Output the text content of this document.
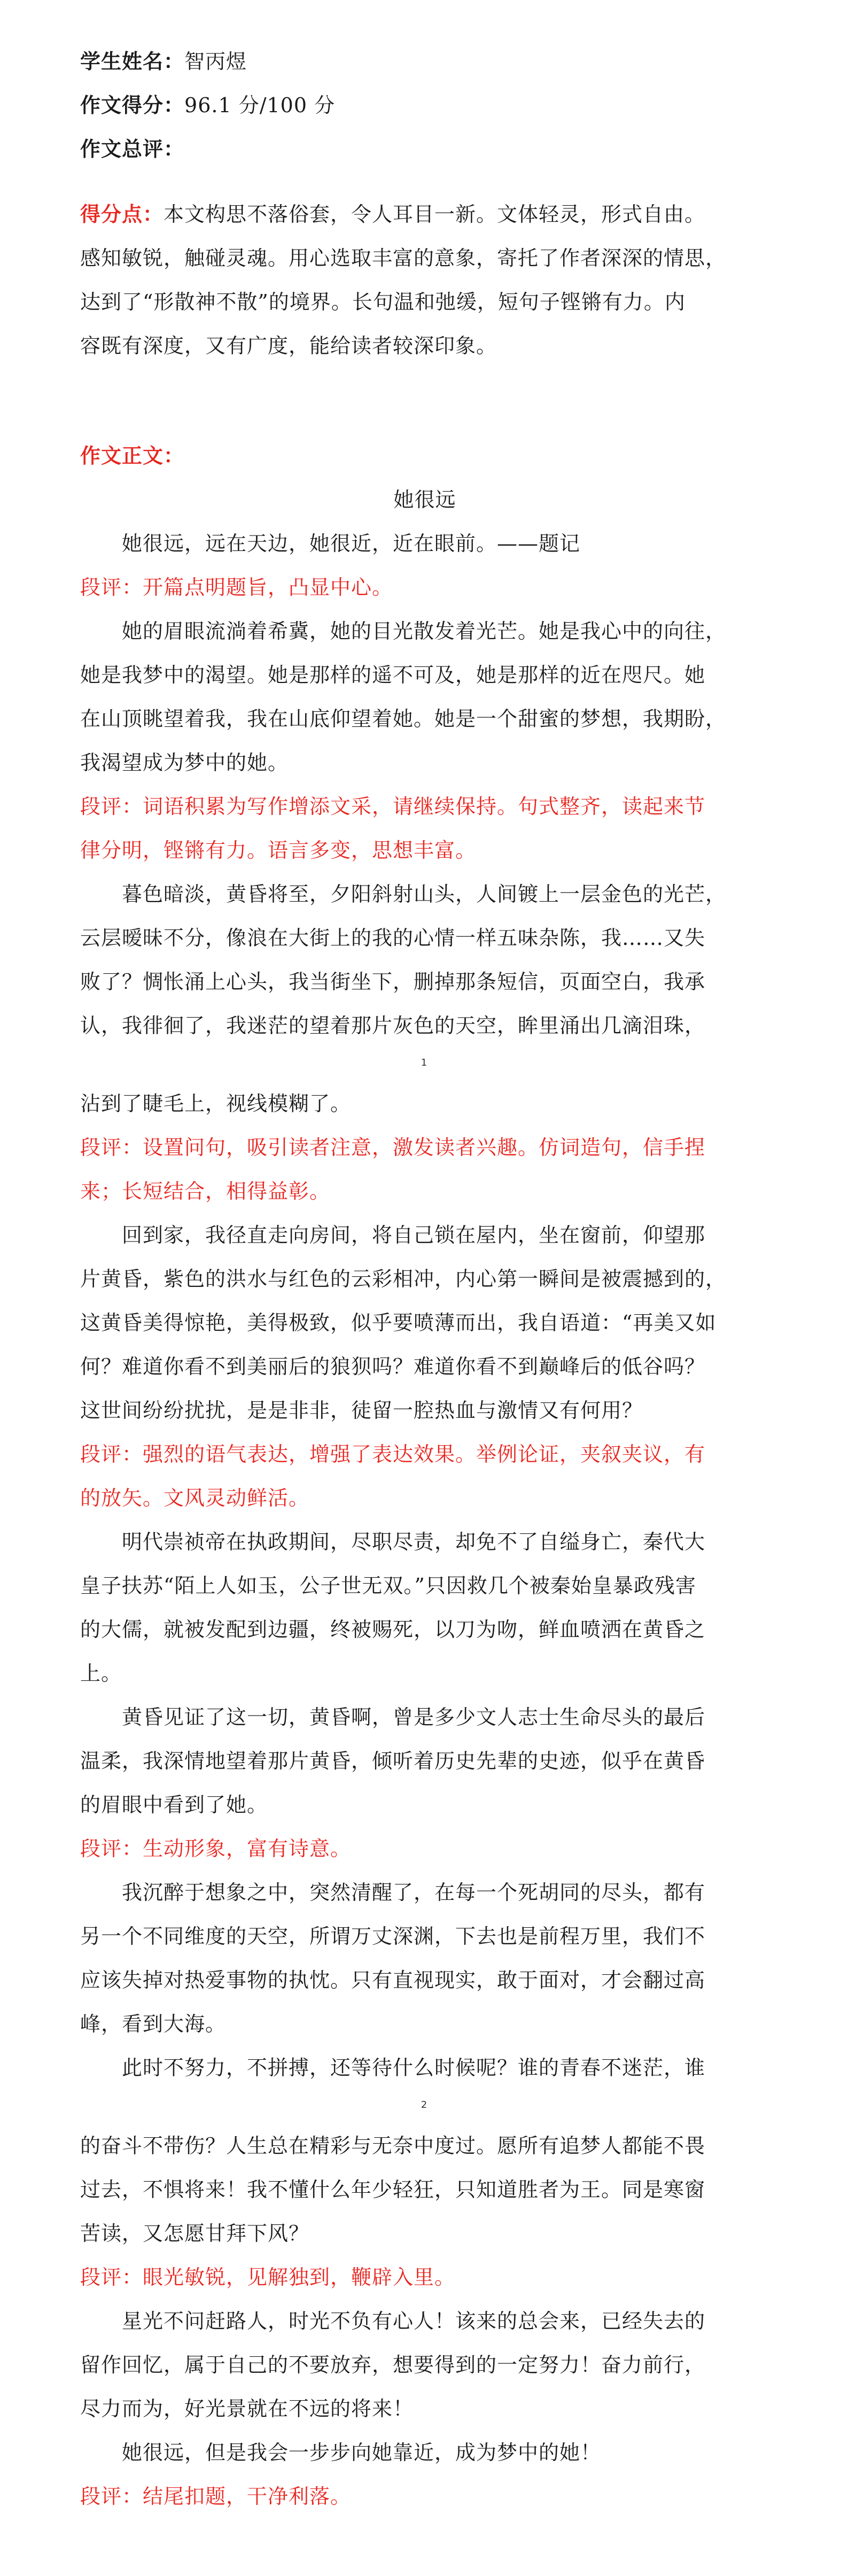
学生姓名：智丙煜
作文得分：96.1 分/100 分
作文总评：
得分点：本文构思不落俗套，令人耳目一新。文体轻灵，形式自由。
感知敏锐，触碰灵魂。用心选取丰富的意象，寄托了作者深深的情思，
达到了“形散神不散”的境界。长句温和弛缓，短句子铿锵有力。内
容既有深度，又有广度，能给读者较深印象。
作文正文：
她很远
　　她很远，远在天边，她很近，近在眼前。——题记
段评：开篇点明题旨，凸显中心。
　　她的眉眼流淌着希冀，她的目光散发着光芒。她是我心中的向往，
她是我梦中的渴望。她是那样的遥不可及，她是那样的近在咫尺。她
在山顶眺望着我，我在山底仰望着她。她是一个甜蜜的梦想，我期盼，
我渴望成为梦中的她。
段评：词语积累为写作增添文采，请继续保持。句式整齐，读起来节
律分明，铿锵有力。语言多变，思想丰富。
　　暮色暗淡，黄昏将至，夕阳斜射山头，人间镀上一层金色的光芒，
云层暧昧不分，像浪在大街上的我的心情一样五味杂陈，我……又失
败了？惆怅涌上心头，我当街坐下，删掉那条短信，页面空白，我承
认，我徘徊了，我迷茫的望着那片灰色的天空，眸里涌出几滴泪珠，
1
沾到了睫毛上，视线模糊了。
段评：设置问句，吸引读者注意，激发读者兴趣。仿词造句，信手捏
来；长短结合，相得益彰。
　　回到家，我径直走向房间，将自己锁在屋内，坐在窗前，仰望那
片黄昏，紫色的洪水与红色的云彩相冲，内心第一瞬间是被震撼到的，
这黄昏美得惊艳，美得极致，似乎要喷薄而出，我自语道：“再美又如
何？难道你看不到美丽后的狼狈吗？难道你看不到巅峰后的低谷吗？
这世间纷纷扰扰，是是非非，徒留一腔热血与激情又有何用？
段评：强烈的语气表达，增强了表达效果。举例论证，夹叙夹议，有
的放矢。文风灵动鲜活。
　　明代崇祯帝在执政期间，尽职尽责，却免不了自缢身亡，秦代大
皇子扶苏“陌上人如玉，公子世无双。”只因救几个被秦始皇暴政残害
的大儒，就被发配到边疆，终被赐死，以刀为吻，鲜血喷洒在黄昏之
上。
　　黄昏见证了这一切，黄昏啊，曾是多少文人志士生命尽头的最后
温柔，我深情地望着那片黄昏，倾听着历史先辈的史迹，似乎在黄昏
的眉眼中看到了她。
段评：生动形象，富有诗意。
　　我沉醉于想象之中，突然清醒了，在每一个死胡同的尽头，都有
另一个不同维度的天空，所谓万丈深渊，下去也是前程万里，我们不
应该失掉对热爱事物的执忱。只有直视现实，敢于面对，才会翻过高
峰，看到大海。
　　此时不努力，不拼搏，还等待什么时候呢？谁的青春不迷茫，谁
2
的奋斗不带伤？人生总在精彩与无奈中度过。愿所有追梦人都能不畏
过去，不惧将来！我不懂什么年少轻狂，只知道胜者为王。同是寒窗
苦读，又怎愿甘拜下风？
段评：眼光敏锐，见解独到，鞭辟入里。
　　星光不问赶路人，时光不负有心人！该来的总会来，已经失去的
留作回忆，属于自己的不要放弃，想要得到的一定努力！奋力前行，
尽力而为，好光景就在不远的将来！
　　她很远，但是我会一步步向她靠近，成为梦中的她！
段评：结尾扣题，干净利落。
